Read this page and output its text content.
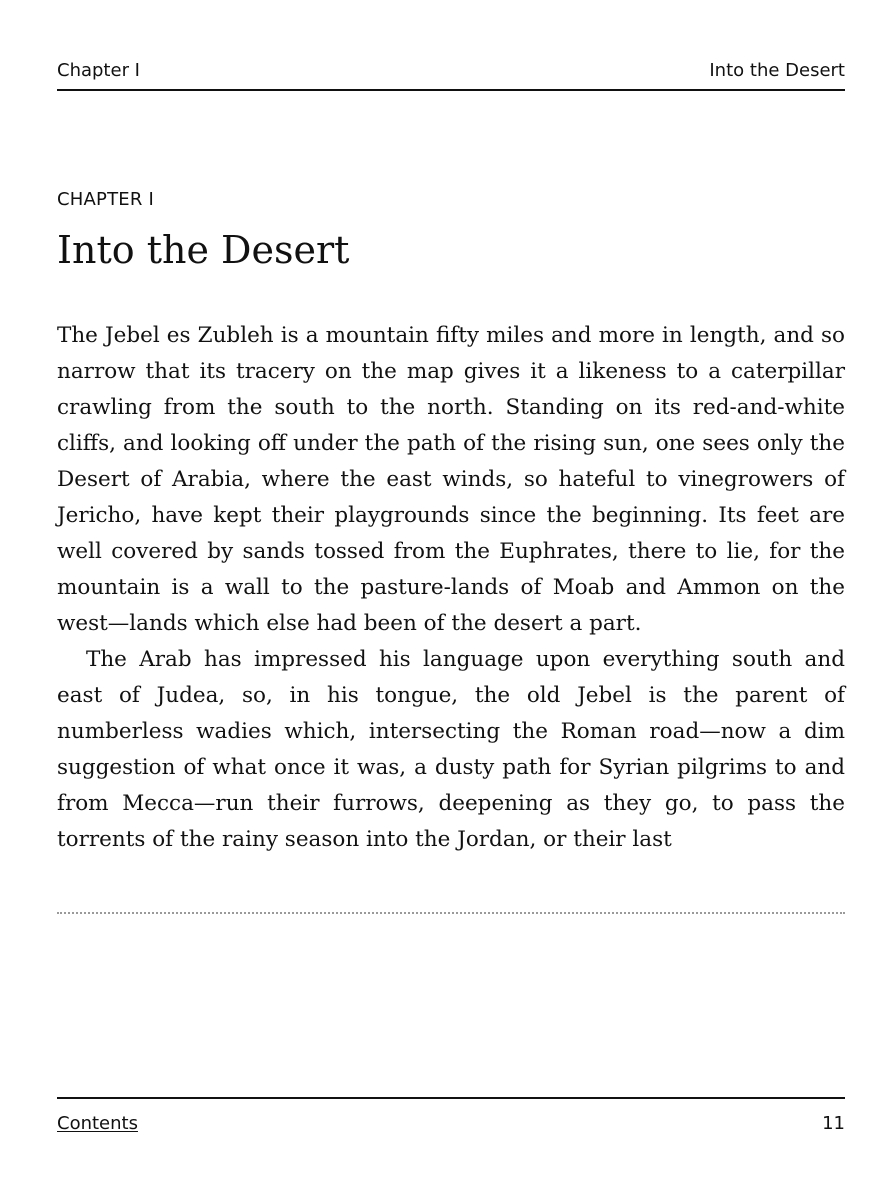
Chapter I	Into the Desert
CHAPTER I
Into the Desert

The Jebel es Zubleh is a mountain fifty miles and more in length, and so narrow that its tracery on the map gives it a likeness to a caterpillar crawling from the south to the north. Standing on its red-and-white cliffs, and looking off under the path of the rising sun, one sees only the Desert of Arabia, where the east winds, so hateful to vinegrowers of Jericho, have kept their playgrounds since the beginning. Its feet are well covered by sands tossed from the Euphrates, there to lie, for the mountain is a wall to the pasture-lands of Moab and Ammon on the west—lands which else had been of the desert a part.

The Arab has impressed his language upon everything south and east of Judea, so, in his tongue, the old Jebel is the parent of numberless wadies which, intersecting the Roman road—now a dim suggestion of what once it was, a dusty path for Syrian pilgrims to and from Mecca—run their furrows, deepening as they go, to pass the torrents of the rainy season into the Jordan, or their last

Contents	11
